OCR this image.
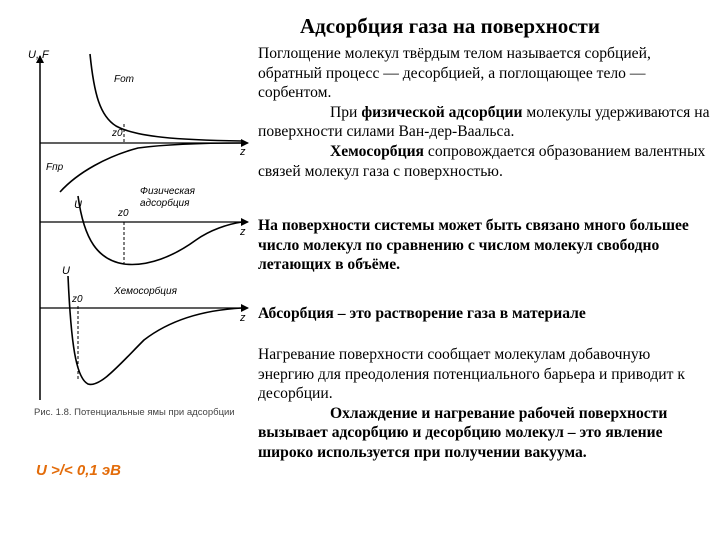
Адсорбция газа на поверхности
Поглощение молекул твёрдым телом называется сорбцией, обратный процесс — десорбцией, а поглощающее тело — сорбентом.
При физической адсорбции молекулы удерживаются на поверхности силами Ван-дер-Ваальса.
Хемосорбция сопровождается образованием валентных связей молекул газа с поверхностью.
На поверхности системы может быть связано много большее число молекул по сравнению с числом молекул свободно летающих в объёме.
Абсорбция – это растворение газа в материале
Нагревание поверхности сообщает молекулам добавочную энергию для преодоления потенциального барьера и приводит к десорбции.
Охлаждение и нагревание рабочей поверхности вызывает адсорбцию и десорбцию молекул – это явление широко используется при получении вакуума.
U, F
z
Fот
Fпр
z0
z
U
z0
Физическая
адсорбция
z
U
z0
Хемосорбция
Рис. 1.8. Потенциальные ямы при адсорбции
U >/< 0,1 эВ
